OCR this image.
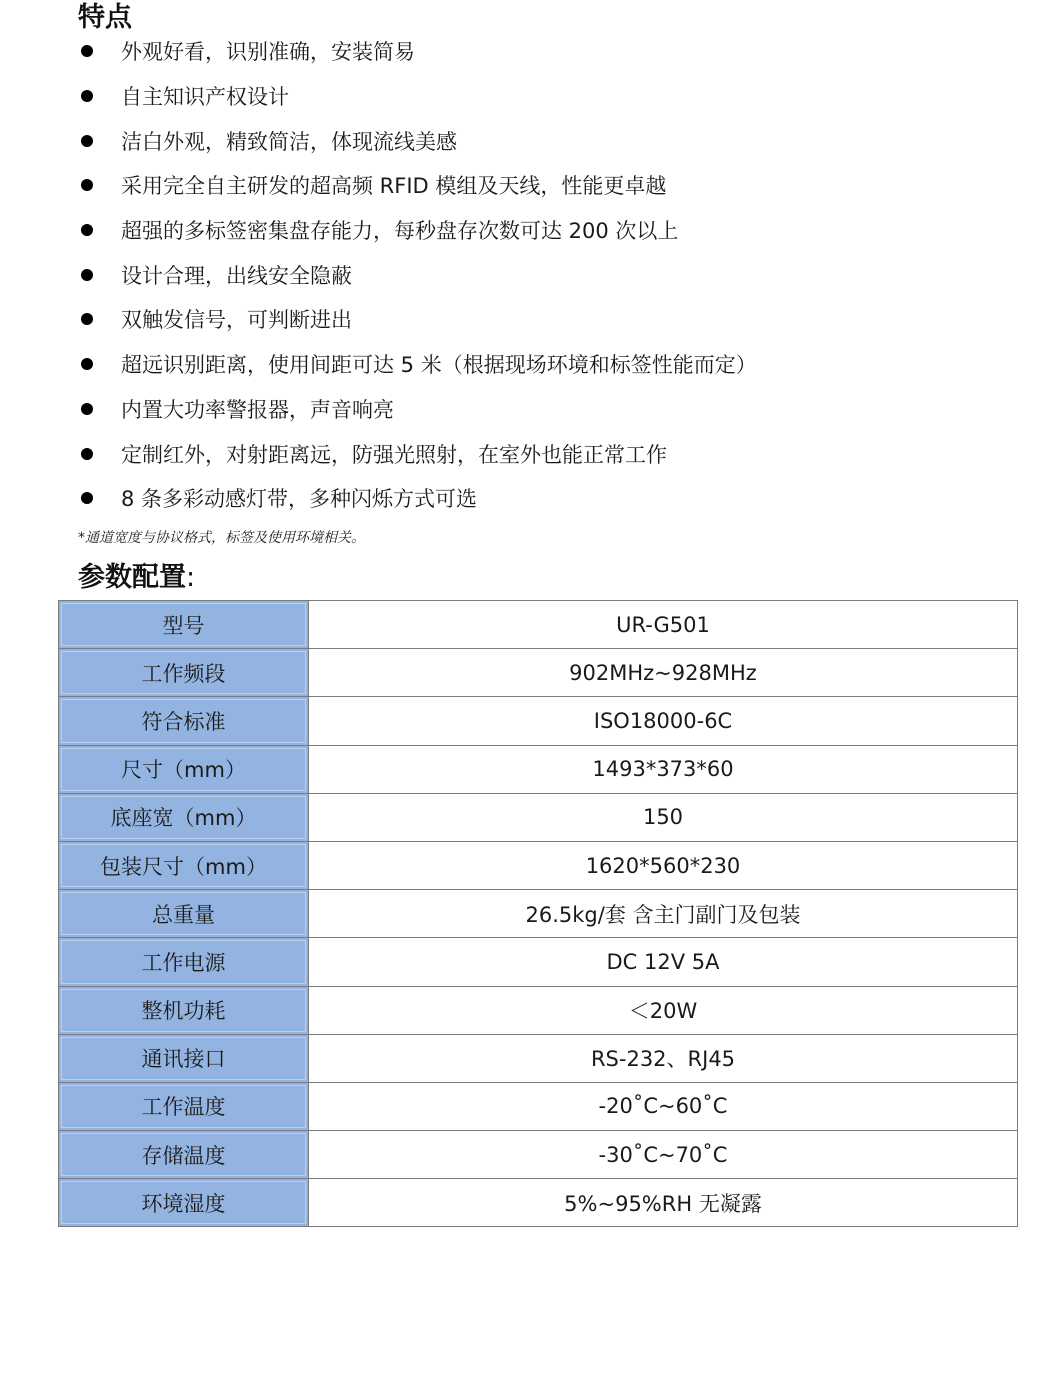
特点
外观好看，识别准确，安装简易
自主知识产权设计
洁白外观，精致简洁，体现流线美感
采用完全自主研发的超高频 RFID 模组及天线，性能更卓越
超强的多标签密集盘存能力，每秒盘存次数可达 200 次以上
设计合理，出线安全隐蔽
双触发信号，可判断进出
超远识别距离，使用间距可达 5 米（根据现场环境和标签性能而定）
内置大功率警报器，声音响亮
定制红外，对射距离远，防强光照射，在室外也能正常工作
8 条多彩动感灯带，多种闪烁方式可选
*通道宽度与协议格式，标签及使用环境相关。
参数配置:
型号	UR-G501
工作频段	902MHz~928MHz
符合标准	ISO18000-6C
尺寸（mm）	1493*373*60
底座宽（mm）	150
包装尺寸（mm）	1620*560*230
总重量	26.5kg/套 含主门副门及包装
工作电源	DC 12V 5A
整机功耗	＜20W
通讯接口	RS-232、RJ45
工作温度	-20˚C~60˚C
存储温度	-30˚C~70˚C
环境湿度	5%~95%RH 无凝露
